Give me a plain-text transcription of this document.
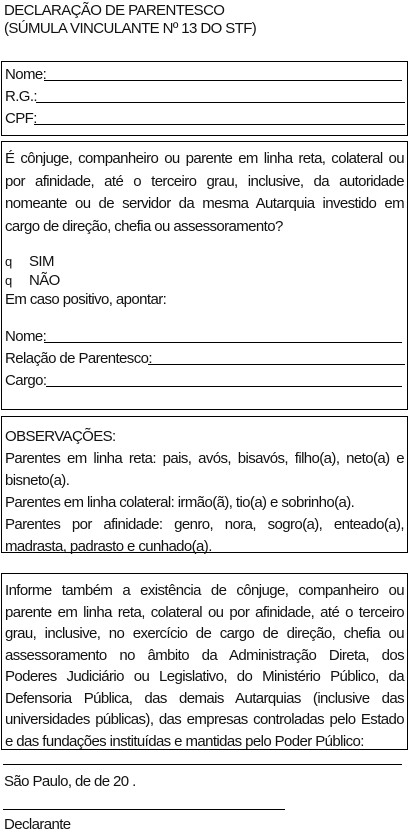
DECLARAÇÃO DE PARENTESCO
(SÚMULA VINCULANTE Nº 13 DO STF)
Nome:
R.G.:
CPF:
É cônjuge, companheiro ou parente em linha reta, colateral ou por afinidade, até o terceiro grau, inclusive, da autoridade nomeante ou de servidor da mesma Autarquia investido em cargo de direção, chefia ou assessoramento?
q	SIM
q	NÃO
Em caso positivo, apontar:
Nome:
Relação de Parentesco:
Cargo:

OBSERVAÇÕES:

Parentes em linha reta: pais, avós, bisavós, filho(a), neto(a) e bisneto(a).

Parentes em linha colateral: irmão(ã), tio(a) e sobrinho(a).

Parentes por afinidade: genro, nora, sogro(a), enteado(a), madrasta, padrasto e cunhado(a).

Informe também a existência de cônjuge, companheiro ou parente em linha reta, colateral ou por afinidade, até o terceiro grau, inclusive, no exercício de cargo de direção, chefia ou assessoramento no âmbito da Administração Direta, dos Poderes Judiciário ou Legislativo, do Ministério Público, da Defensoria Pública, das demais Autarquias (inclusive das universidades públicas), das empresas controladas pelo Estado e das fundações instituídas e mantidas pelo Poder Público:
São Paulo, de de 20 .
Declarante
